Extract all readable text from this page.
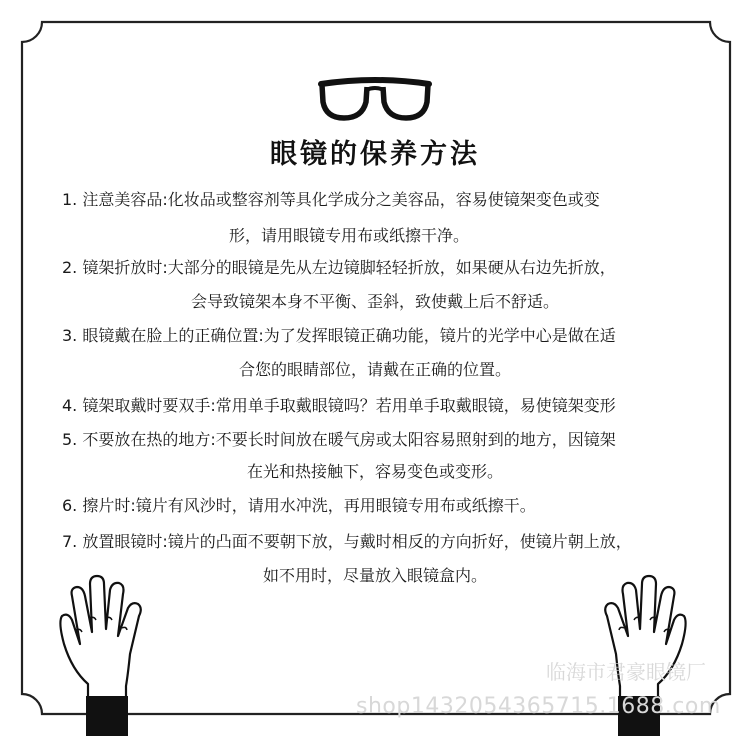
眼镜的保养方法
1. 注意美容品:化妆品或整容剂等具化学成分之美容品，容易使镜架变色或变
形，请用眼镜专用布或纸擦干净。
2. 镜架折放时:大部分的眼镜是先从左边镜脚轻轻折放，如果硬从右边先折放，
会导致镜架本身不平衡、歪斜，致使戴上后不舒适。
3. 眼镜戴在脸上的正确位置:为了发挥眼镜正确功能，镜片的光学中心是做在适
合您的眼睛部位，请戴在正确的位置。
4. 镜架取戴时要双手:常用单手取戴眼镜吗？若用单手取戴眼镜，易使镜架变形
5. 不要放在热的地方:不要长时间放在暖气房或太阳容易照射到的地方，因镜架
在光和热接触下，容易变色或变形。
6. 擦片时:镜片有风沙时，请用水冲洗，再用眼镜专用布或纸擦干。
7. 放置眼镜时:镜片的凸面不要朝下放，与戴时相反的方向折好，使镜片朝上放，
如不用时，尽量放入眼镜盒内。
临海市君豪眼镜厂
shop1432054365715.1688.com
